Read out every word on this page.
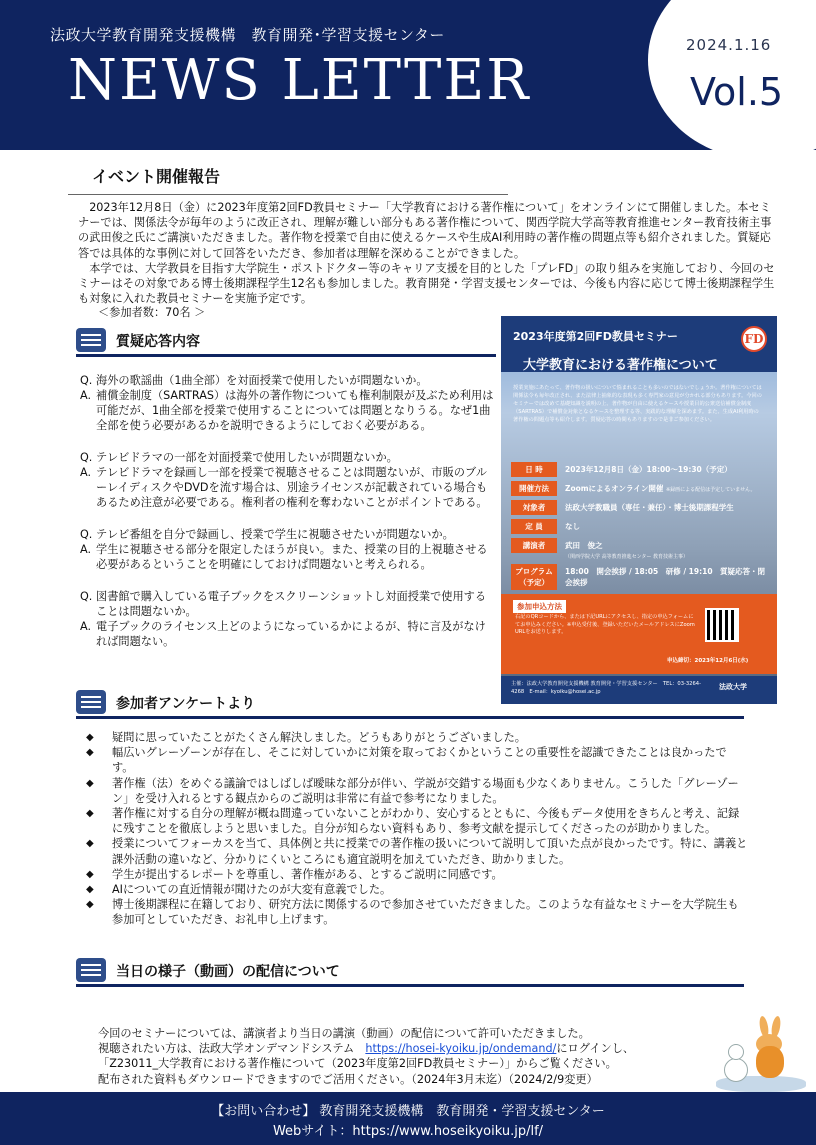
法政大学教育開発支援機構　教育開発･学習支援センター
NEWS LETTER
2024.1.16
Vol.5
イベント開催報告

2023年12月8日（金）に2023年度第2回FD教員セミナー「大学教育における著作権について」をオンラインにて開催しました。本セミナーでは、関係法令が毎年のように改正され、理解が難しい部分もある著作権について、関西学院大学高等教育推進センター教育技術主事の武田俊之氏にご講演いただきました。著作物を授業で自由に使えるケースや生成AI利用時の著作権の問題点等も紹介されました。質疑応答では具体的な事例に対して回答をいただき、参加者は理解を深めることができました。

本学では、大学教員を目指す大学院生・ポストドクター等のキャリア支援を目的とした「プレFD」の取り組みを実施しており、今回のセミナーはその対象である博士後期課程学生12名も参加しました。教育開発・学習支援センターでは、今後も内容に応じて博士後期課程学生も対象に入れた教員セミナーを実施予定です。

＜参加者数：70名 ＞
質疑応答内容
Q. 海外の歌謡曲（1曲全部）を対面授業で使用したいが問題ないか。
A. 補償金制度（SARTRAS）は海外の著作物についても権利制限が及ぶため利用は可能だが、1曲全部を授業で使用することについては問題となりうる。なぜ1曲全部を使う必要があるかを説明できるようにしておく必要がある。
Q. テレビドラマの一部を対面授業で使用したいが問題ないか。
A. テレビドラマを録画し一部を授業で視聴させることは問題ないが、市販のブルーレイディスクやDVDを流す場合は、別途ライセンスが記載されている場合もあるため注意が必要である。権利者の権利を奪わないことがポイントである。
Q. テレビ番組を自分で録画し、授業で学生に視聴させたいが問題ないか。
A. 学生に視聴させる部分を限定したほうが良い。また、授業の目的上視聴させる必要があるということを明確にしておけば問題ないと考えられる。
Q. 図書館で購入している電子ブックをスクリーンショットし対面授業で使用することは問題ないか。
A. 電子ブックのライセンス上どのようになっているかによるが、特に言及がなければ問題ない。
2023年度第2回FD教員セミナー	FD
大学教育における著作権について
授業実施にあたって、著作物の扱いについて悩まれることも多いのではないでしょうか。著作権については関係法令も毎年改正され、また法律上抽象的な表現も多く専門家の意見が分かれる部分もあります。今回のセミナーでは改めて基礎知識を説明の上、著作物が自由に使えるケースや授業目的公衆送信補償金制度（SARTRAS）で補償金対象となるケースを整理する等、実践的な理解を深めます。また、生成AI利用時の著作権の問題点等も紹介します。質疑応答の時間もありますので是非ご参加ください。
日 時	2023年12月8日（金）18:00～19:30（予定）
開催方法	Zoomによるオンライン開催 ※録画による配信は予定していません。
対象者	法政大学教職員（専任・兼任）・博士後期課程学生
定 員	なし
講演者	武田　俊之
（関西学院大学 高等教育推進センター 教育技術主事）
プログラム（予定）
18:00　開会挨拶 / 18:05　研修 / 19:10　質疑応答・閉会挨拶
参加申込方法
右記のQRコードから、または下記URLにアクセスし、指定の申込フォームにてお申込みください。※申込受付後、登録いただいたメールアドレスにZoom URLをお送りします。
申込締切：2023年12月6日(水)
主催：法政大学教育開発支援機構 教育開発・学習支援センター　TEL：03-3264-4268　E-mail：kyoiku@hosei.ac.jp
法政大学
参加者アンケートより
◆	疑問に思っていたことがたくさん解決しました。どうもありがとうございました。
◆	幅広いグレーゾーンが存在し、そこに対していかに対策を取っておくかということの重要性を認識できたことは良かったです。
◆	著作権（法）をめぐる議論ではしばしば曖昧な部分が伴い、学説が交錯する場面も少なくありません。こうした「グレーゾーン」を受け入れるとする観点からのご説明は非常に有益で参考になりました。
◆	著作権に対する自分の理解が概ね間違っていないことがわかり、安心するとともに、今後もデータ使用をきちんと考え、記録に残すことを徹底しようと思いました。自分が知らない資料もあり、参考文献を提示してくださったのが助かりました。
◆	授業についてフォーカスを当て、具体例と共に授業での著作権の扱いについて説明して頂いた点が良かったです。特に、講義と課外活動の違いなど、分かりにくいところにも適宜説明を加えていただき、助かりました。
◆	学生が提出するレポートを尊重し、著作権がある、とするご説明に同感です。
◆	AIについての直近情報が聞けたのが大変有意義でした。
◆	博士後期課程に在籍しており、研究方法に関係するので参加させていただきました。このような有益なセミナーを大学院生も参加可としていただき、お礼申し上げます。
当日の様子（動画）の配信について
今回のセミナーについては、講演者より当日の講演（動画）の配信について許可いただきました。
視聴されたい方は、法政大学オンデマンドシステム　https://hosei-kyoiku.jp/ondemand/にログインし、
「Z23011_大学教育における著作権について（2023年度第2回FD教員セミナー）」からご覧ください。
配布された資料もダウンロードできますのでご活用ください。（2024年3月末迄）（2024/2/9変更）
【お問い合わせ】 教育開発支援機構　教育開発・学習支援センター
Webサイト：https://www.hoseikyoiku.jp/lf/
